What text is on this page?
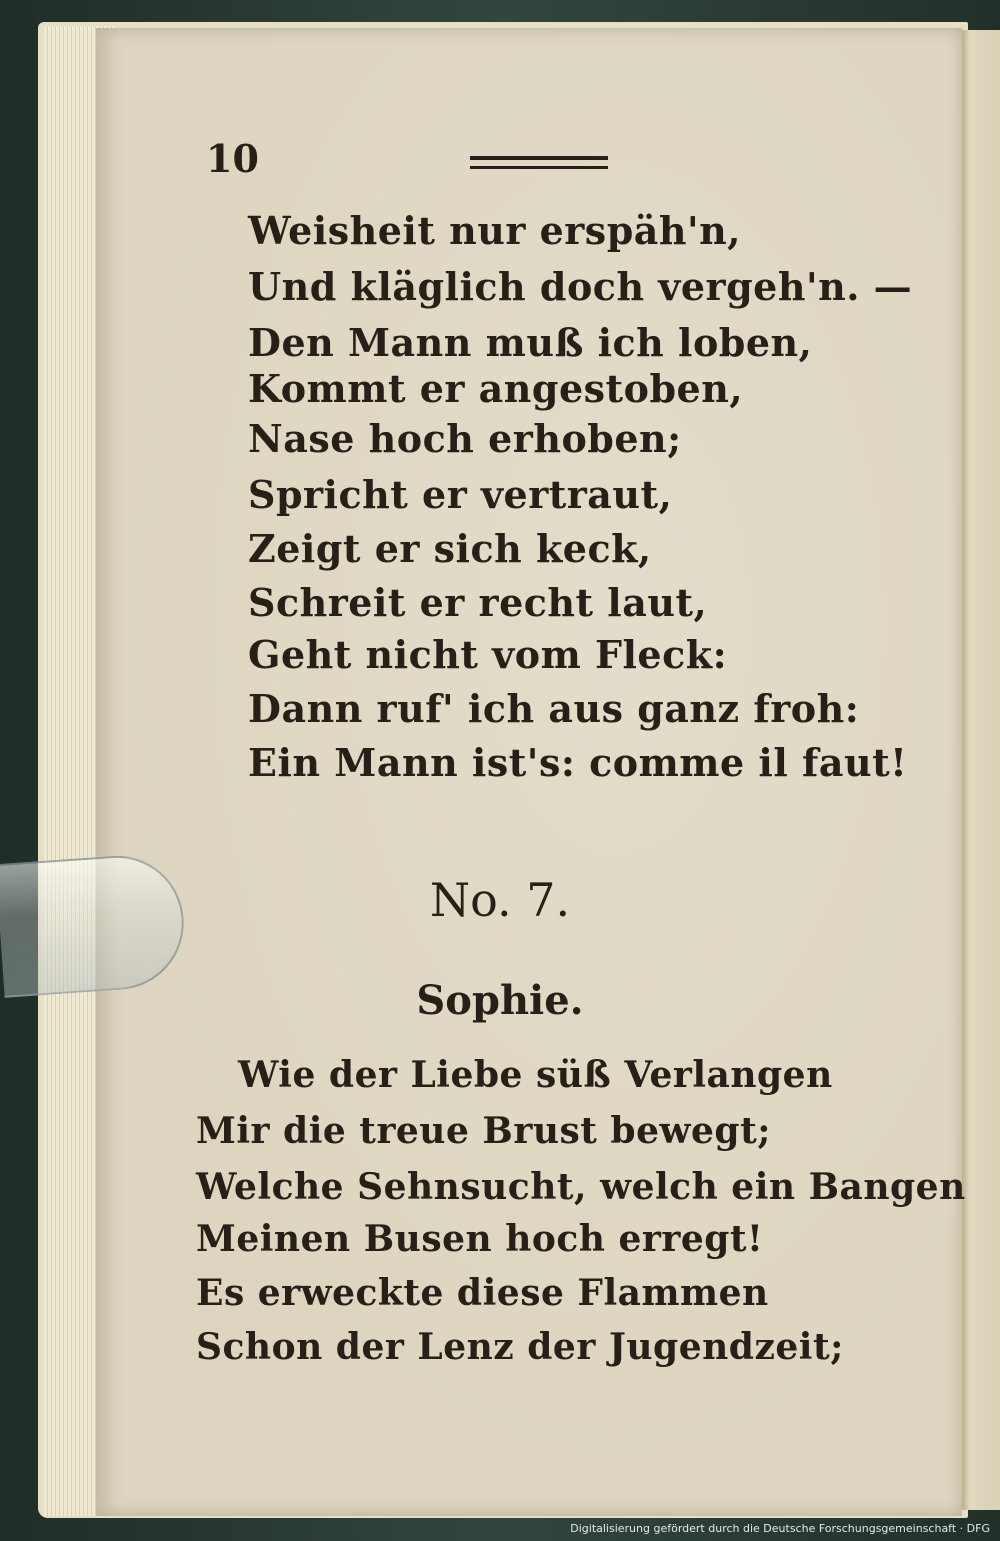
10
Weisheit nur erspäh'n,
Und kläglich doch vergeh'n. —
Den Mann muß ich loben,
Kommt er angestoben,
Nase hoch erhoben;
Spricht er vertraut,
Zeigt er sich keck,
Schreit er recht laut,
Geht nicht vom Fleck:
Dann ruf' ich aus ganz froh:
Ein Mann ist's: comme il faut!
No. 7.
Sophie.
Wie der Liebe süß Verlangen
Mir die treue Brust bewegt;
Welche Sehnsucht, welch ein Bangen
Meinen Busen hoch erregt!
Es erweckte diese Flammen
Schon der Lenz der Jugendzeit;
Digitalisierung gefördert durch die Deutsche Forschungsgemeinschaft · DFG
